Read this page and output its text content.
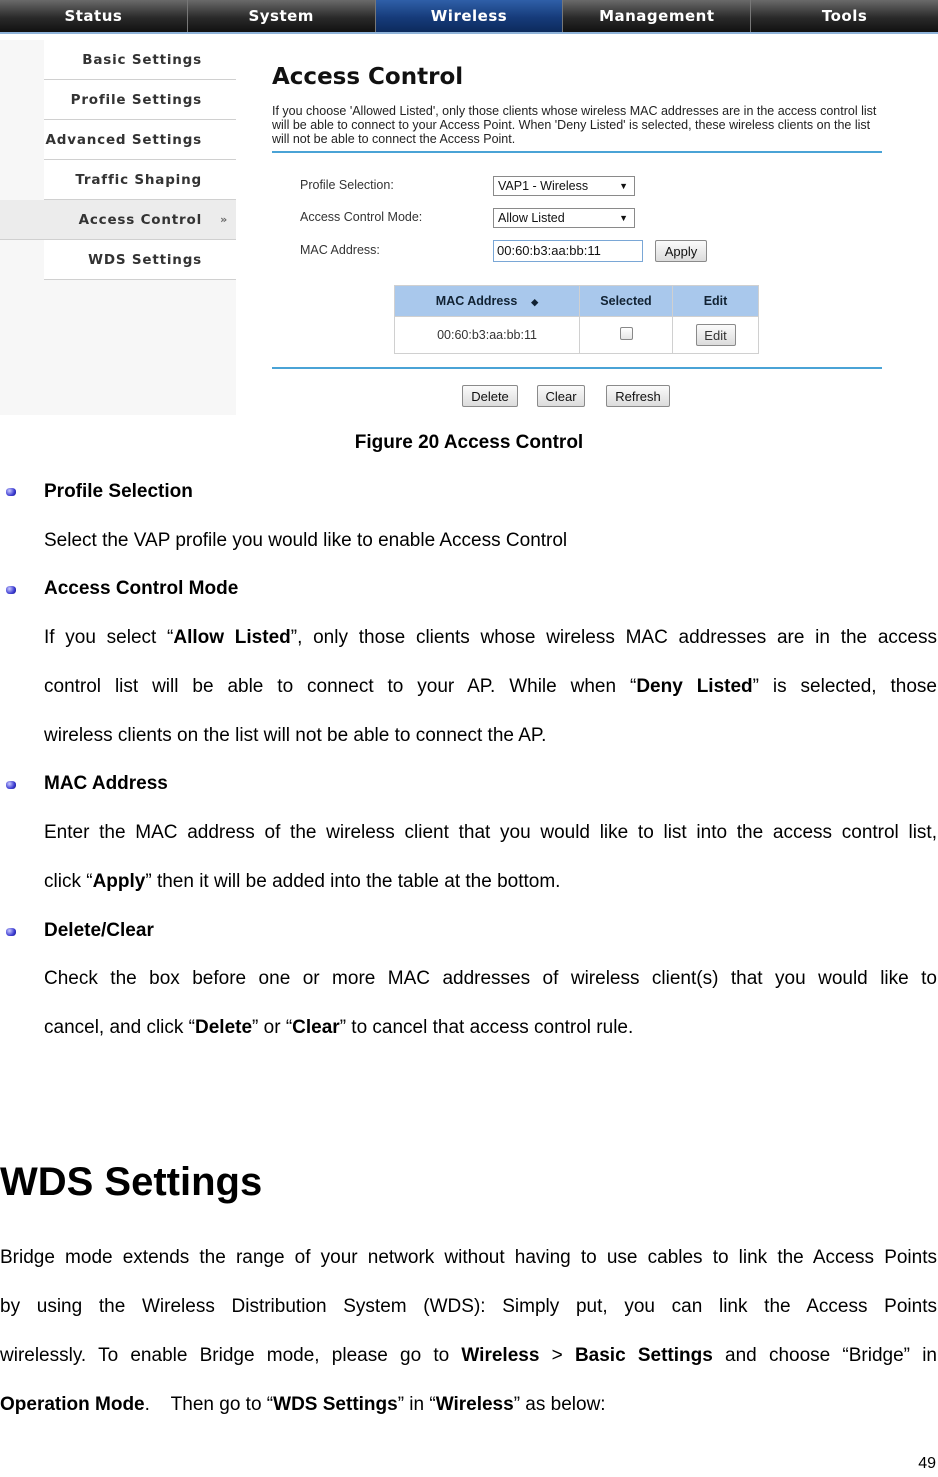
Status	System	Wireless	Management	Tools
Basic Settings
Profile Settings
Advanced Settings
Traffic Shaping
Access Control »
WDS Settings
Access Control
If you choose 'Allowed Listed', only those clients whose wireless MAC addresses are in the access control list will be able to connect to your Access Point. When 'Deny Listed' is selected, these wireless clients on the list will not be able to connect the Access Point.
Profile Selection:	VAP1 - Wireless	▼
Access Control Mode:	Allow Listed	▼
MAC Address:	00:60:b3:aa:bb:11	Apply
MAC Address ◆	Selected	Edit
00:60:b3:aa:bb:11		Edit
Delete	Clear	Refresh
Figure 20 Access Control
Profile Selection
Select the VAP profile you would like to enable Access Control
Access Control Mode
If you select “Allow Listed”, only those clients whose wireless MAC addresses are in the access
control list will be able to connect to your AP. While when “Deny Listed” is selected, those
wireless clients on the list will not be able to connect the AP.
MAC Address
Enter the MAC address of the wireless client that you would like to list into the access control list,
click “Apply” then it will be added into the table at the bottom.
Delete/Clear
Check the box before one or more MAC addresses of wireless client(s) that you would like to
cancel, and click “Delete” or “Clear” to cancel that access control rule.
WDS Settings
Bridge mode extends the range of your network without having to use cables to link the Access Points
by using the Wireless Distribution System (WDS): Simply put, you can link the Access Points
wirelessly. To enable Bridge mode, please go to Wireless > Basic Settings and choose “Bridge” in
Operation Mode.    Then go to “WDS Settings” in “Wireless” as below:
49
